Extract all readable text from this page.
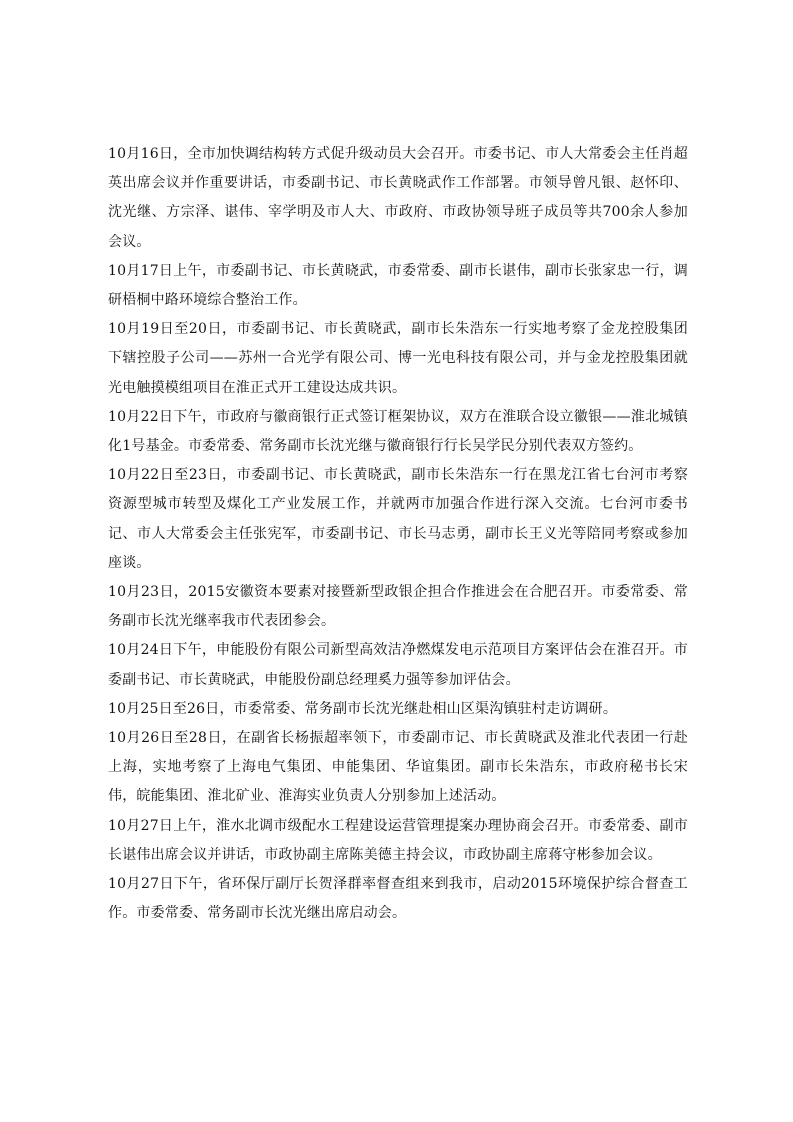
10月16日，全市加快调结构转方式促升级动员大会召开。市委书记、市人大常委会主任肖超英出席会议并作重要讲话，市委副书记、市长黄晓武作工作部署。市领导曾凡银、赵怀印、沈光继、方宗泽、谌伟、宰学明及市人大、市政府、市政协领导班子成员等共700余人参加会议。

10月17日上午，市委副书记、市长黄晓武，市委常委、副市长谌伟，副市长张家忠一行，调研梧桐中路环境综合整治工作。

10月19日至20日，市委副书记、市长黄晓武，副市长朱浩东一行实地考察了金龙控股集团下辖控股子公司——苏州一合光学有限公司、博一光电科技有限公司，并与金龙控股集团就光电触摸模组项目在淮正式开工建设达成共识。

10月22日下午，市政府与徽商银行正式签订框架协议，双方在淮联合设立徽银——淮北城镇化1号基金。市委常委、常务副市长沈光继与徽商银行行长吴学民分别代表双方签约。

10月22日至23日，市委副书记、市长黄晓武，副市长朱浩东一行在黑龙江省七台河市考察资源型城市转型及煤化工产业发展工作，并就两市加强合作进行深入交流。七台河市委书记、市人大常委会主任张宪军，市委副书记、市长马志勇，副市长王义光等陪同考察或参加座谈。

10月23日，2015安徽资本要素对接暨新型政银企担合作推进会在合肥召开。市委常委、常务副市长沈光继率我市代表团参会。

10月24日下午，申能股份有限公司新型高效洁净燃煤发电示范项目方案评估会在淮召开。市委副书记、市长黄晓武，申能股份副总经理奚力强等参加评估会。

10月25日至26日，市委常委、常务副市长沈光继赴相山区渠沟镇驻村走访调研。

10月26日至28日，在副省长杨振超率领下，市委副市记、市长黄晓武及淮北代表团一行赴上海，实地考察了上海电气集团、申能集团、华谊集团。副市长朱浩东，市政府秘书长宋伟，皖能集团、淮北矿业、淮海实业负责人分别参加上述活动。

10月27日上午，淮水北调市级配水工程建设运营管理提案办理协商会召开。市委常委、副市长谌伟出席会议并讲话，市政协副主席陈美德主持会议，市政协副主席蒋守彬参加会议。

10月27日下午，省环保厅副厅长贺泽群率督查组来到我市，启动2015环境保护综合督查工作。市委常委、常务副市长沈光继出席启动会。
